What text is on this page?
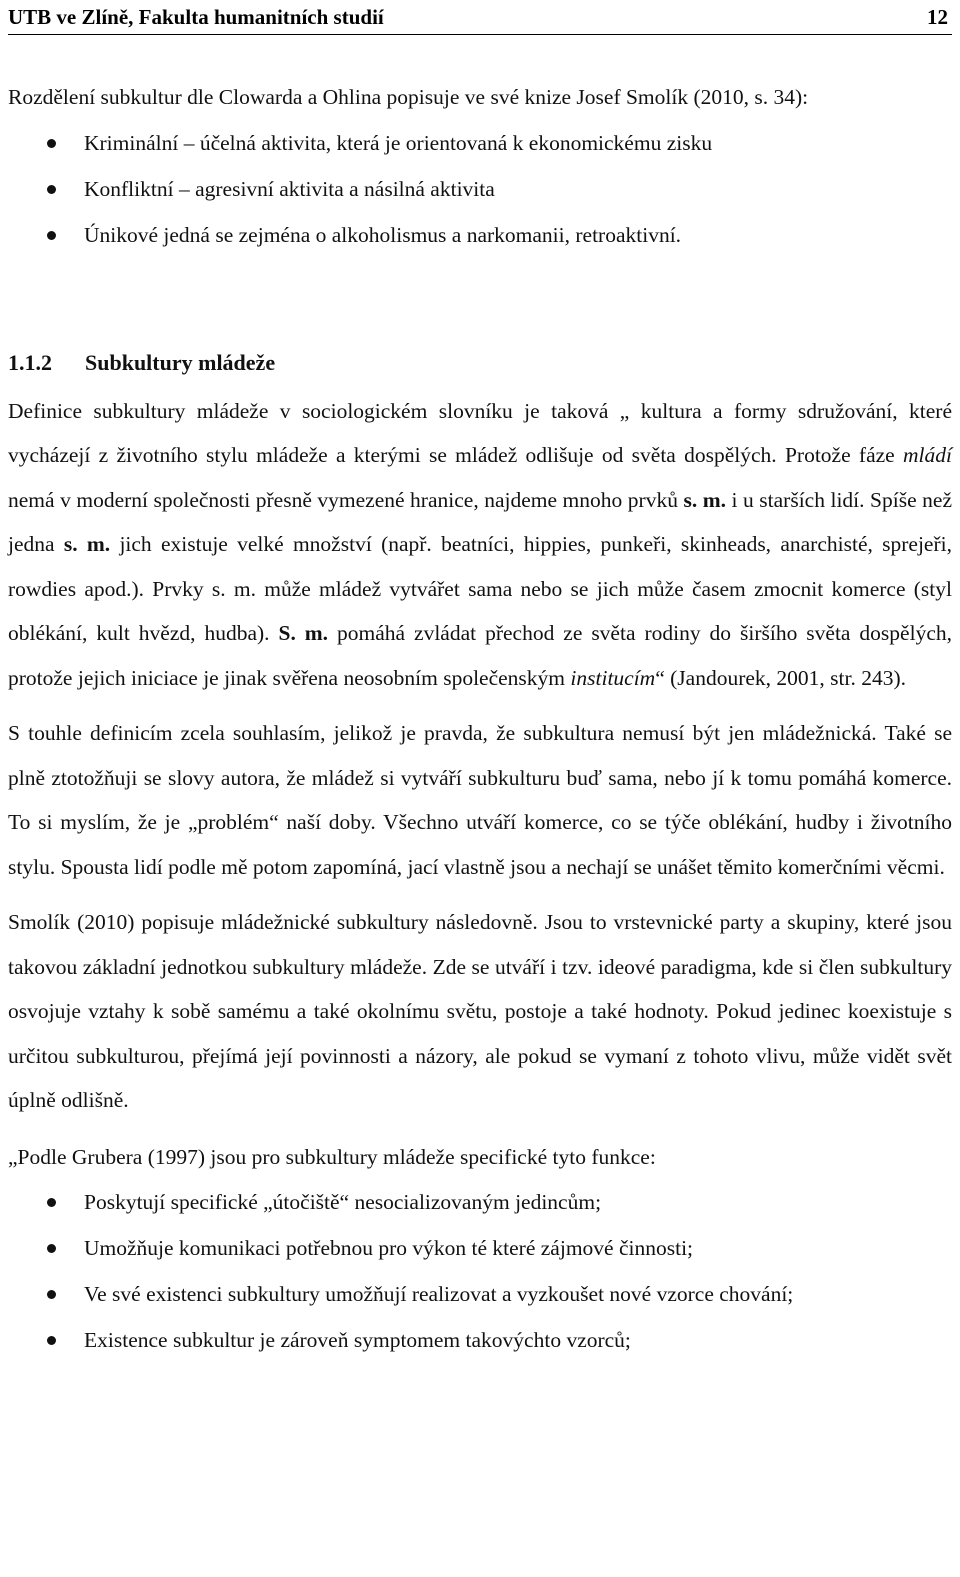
UTB ve Zlíně, Fakulta humanitních studií	12

Rozdělení subkultur dle Clowarda a Ohlina popisuje ve své knize Josef Smolík (2010, s. 34):

Kriminální – účelná aktivita, která je orientovaná k ekonomickému zisku
Konfliktní – agresivní aktivita a násilná aktivita
Únikové jedná se zejména o alkoholismus a narkomanii, retroaktivní.
1.1.2 Subkultury mládeže

Definice subkultury mládeže v sociologickém slovníku je taková „ kultura a formy sdružování, které vycházejí z životního stylu mládeže a kterými se mládež odlišuje od světa dospělých. Protože fáze mládí nemá v moderní společnosti přesně vymezené hranice, najdeme mnoho prvků s. m. i u starších lidí. Spíše než jedna s. m. jich existuje velké množství (např. beatníci, hippies, punkeři, skinheads, anarchisté, sprejeři, rowdies apod.). Prvky s. m. může mládež vytvářet sama nebo se jich může časem zmocnit komerce (styl oblékání, kult hvězd, hudba). S. m. pomáhá zvládat přechod ze světa rodiny do širšího světa dospělých, protože jejich iniciace je jinak svěřena neosobním společenským institucím“ (Jandourek, 2001, str. 243).

S touhle definicím zcela souhlasím, jelikož je pravda, že subkultura nemusí být jen mládežnická. Také se plně ztotožňuji se slovy autora, že mládež si vytváří subkulturu buď sama, nebo jí k tomu pomáhá komerce. To si myslím, že je „problém“ naší doby. Všechno utváří komerce, co se týče oblékání, hudby i životního stylu. Spousta lidí podle mě potom zapomíná, jací vlastně jsou a nechají se unášet těmito komerčními věcmi.

Smolík (2010) popisuje mládežnické subkultury následovně. Jsou to vrstevnické party a skupiny, které jsou takovou základní jednotkou subkultury mládeže. Zde se utváří i tzv. ideové paradigma, kde si člen subkultury osvojuje vztahy k sobě samému a také okolnímu světu, postoje a také hodnoty. Pokud jedinec koexistuje s určitou subkulturou, přejímá její povinnosti a názory, ale pokud se vymaní z tohoto vlivu, může vidět svět úplně odlišně.

„Podle Grubera (1997) jsou pro subkultury mládeže specifické tyto funkce:

Poskytují specifické „útočiště“ nesocializovaným jedincům;
Umožňuje komunikaci potřebnou pro výkon té které zájmové činnosti;
Ve své existenci subkultury umožňují realizovat a vyzkoušet nové vzorce chování;
Existence subkultur je zároveň symptomem takovýchto vzorců;
